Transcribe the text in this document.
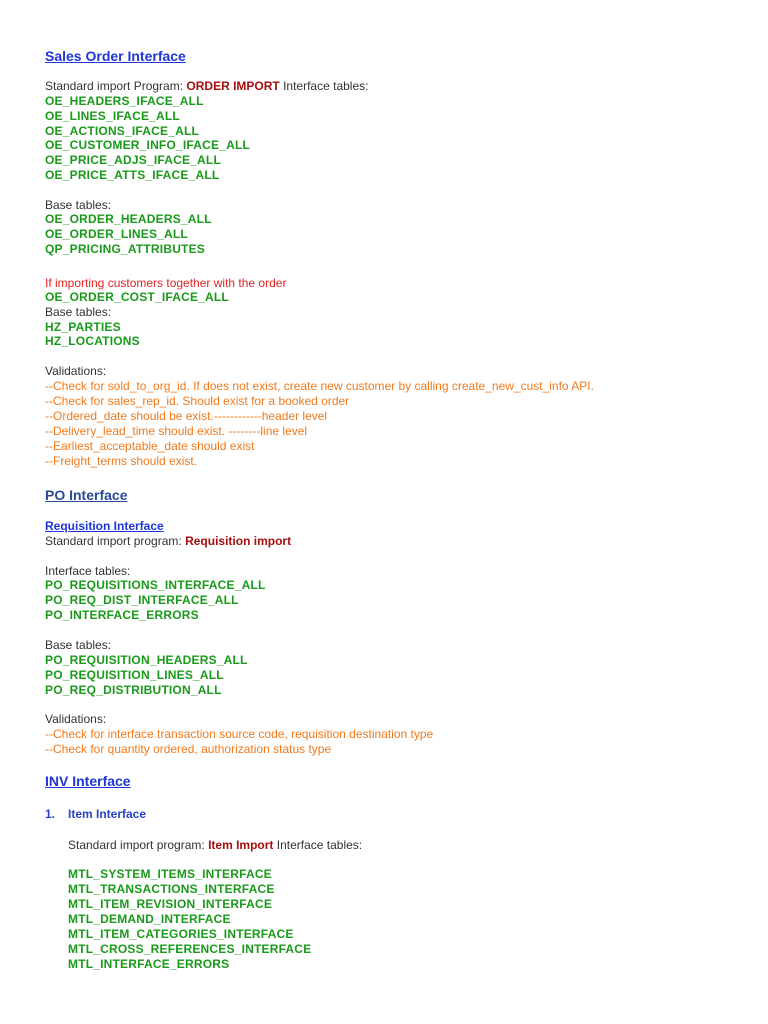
Sales Order Interface
Standard import Program: ORDER IMPORT Interface tables:
OE_HEADERS_IFACE_ALL
OE_LINES_IFACE_ALL
OE_ACTIONS_IFACE_ALL
OE_CUSTOMER_INFO_IFACE_ALL
OE_PRICE_ADJS_IFACE_ALL
OE_PRICE_ATTS_IFACE_ALL
Base tables:
OE_ORDER_HEADERS_ALL
OE_ORDER_LINES_ALL
QP_PRICING_ATTRIBUTES
If importing customers together with the order
OE_ORDER_COST_IFACE_ALL
Base tables:
HZ_PARTIES
HZ_LOCATIONS
Validations:
--Check for sold_to_org_id. If does not exist, create new customer by calling create_new_cust_info API.
--Check for sales_rep_id. Should exist for a booked order
--Ordered_date should be exist.------------header level
--Delivery_lead_time should exist. --------line level
--Earliest_acceptable_date should exist
--Freight_terms should exist.
PO Interface
Requisition Interface
Standard import program: Requisition import
Interface tables:
PO_REQUISITIONS_INTERFACE_ALL
PO_REQ_DIST_INTERFACE_ALL
PO_INTERFACE_ERRORS
Base tables:
PO_REQUISITION_HEADERS_ALL
PO_REQUISITION_LINES_ALL
PO_REQ_DISTRIBUTION_ALL
Validations:
--Check for interface transaction source code, requisition destination type
--Check for quantity ordered, authorization status type
INV Interface
1. Item Interface
Standard import program: Item Import Interface tables:
MTL_SYSTEM_ITEMS_INTERFACE
MTL_TRANSACTIONS_INTERFACE
MTL_ITEM_REVISION_INTERFACE
MTL_DEMAND_INTERFACE
MTL_ITEM_CATEGORIES_INTERFACE
MTL_CROSS_REFERENCES_INTERFACE
MTL_INTERFACE_ERRORS
